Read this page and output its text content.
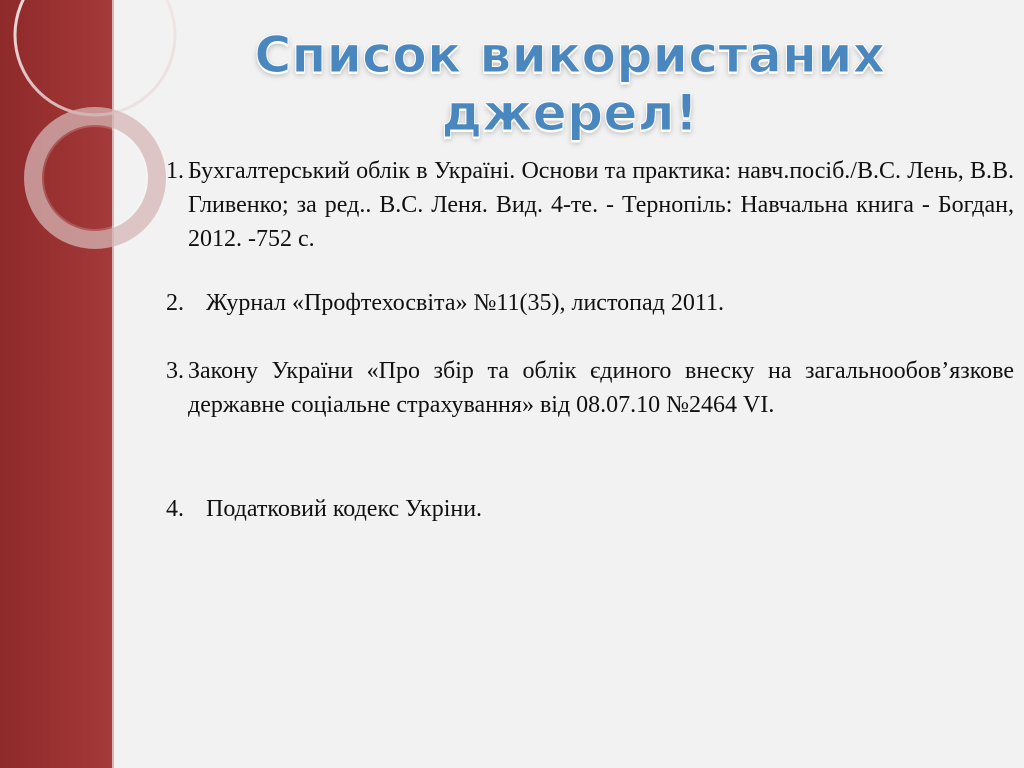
Список використаних джерел!
1. Бухгалтерський облік в Україні. Основи та практика: навч.посіб./В.С. Лень, В.В. Гливенко; за ред.. В.С. Леня. Вид. 4-те. - Тернопіль: Навчальна книга - Богдан, 2012. -752 с.
2. Журнал «Профтехосвіта» №11(35), листопад 2011.
3. Закону України «Про збір та облік єдиного внеску на загальнообов’язкове державне соціальне страхування» від 08.07.10 №2464 VI.
4. Податковий кодекс Укріни.
